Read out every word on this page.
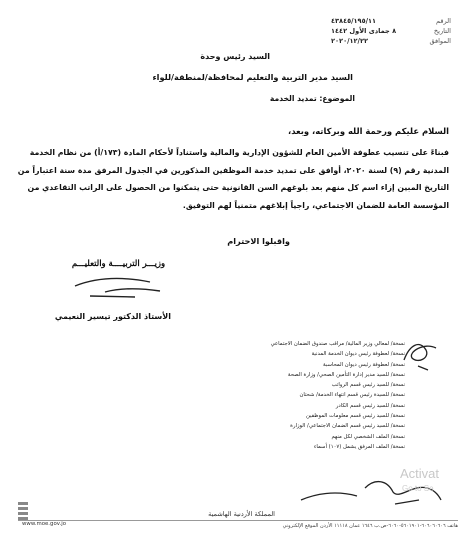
الرقم
٤٣٨٤٥/١٩٥/١١
التاريخ
٨ جمادى الأول ١٤٤٢
الموافق
٢٠٢٠/١٢/٢٢
السيد رئيس وحدة
السيد مدير التربية والتعليم لمحافظة/لمنطقة/للواء
الموضوع: تمديد الخدمة
السلام عليكم ورحمة الله وبركاته، وبعد،
فبناءً على تنسيب عطوفة الأمين العام للشؤون الإدارية والمالية واستناداً لأحكام المادة (١٧٣/أ) من نظام الخدمة المدنية رقم (٩) لسنة ٢٠٢٠، أوافق على تمديد خدمة الموظفين المذكورين في الجدول المرفق مدة سنة اعتباراً من التاريخ المبين إزاء اسم كل منهم بعد بلوغهم السن القانونية حتى يتمكنوا من الحصول على الراتب التقاعدي من المؤسسة العامة للضمان الاجتماعي، راجياً إبلاغهم متمنياً لهم التوفيق.
واقبلوا الاحترام
وزيـــر التربيــــة والتعليـــم
الأستاذ الدكتور تيسير النعيمي
نسخة/ لمعالي وزير المالية/ مراقب صندوق الضمان الاجتماعي
نسخة/ لعطوفة رئيس ديوان الخدمة المدنية
نسخة/ لعطوفة رئيس ديوان المحاسبة
نسخة/ للسيد مدير إدارة التأمين الصحي/ وزارة الصحة
نسخة/ للسيد رئيس قسم الرواتب
نسخة/ للسيدة رئيس قسم انتهاء الخدمة/ شحتان
نسخة/ للسيد رئيس قسم الكادر
نسخة/ للسيد رئيس قسم معلومات الموظفين
نسخة/ للسيد رئيس قسم الضمان الاجتماعي/ الوزارة
نسخة/ الملف الشخصي لكل منهم
نسخة/ الملف المرفق يشمل (١٠٧) أسماء
Activat
Go to Se
المملكة الأردنية الهاشمية
هاتف ٦٠٦٠٦٠٦٠٦-٥٦٠١٩٠١-٦٠٦٠-ص.ب ١٦٤٦ عمان ١١١١٨ الأردن الموقع الإلكتروني
www.moe.gov.jo
